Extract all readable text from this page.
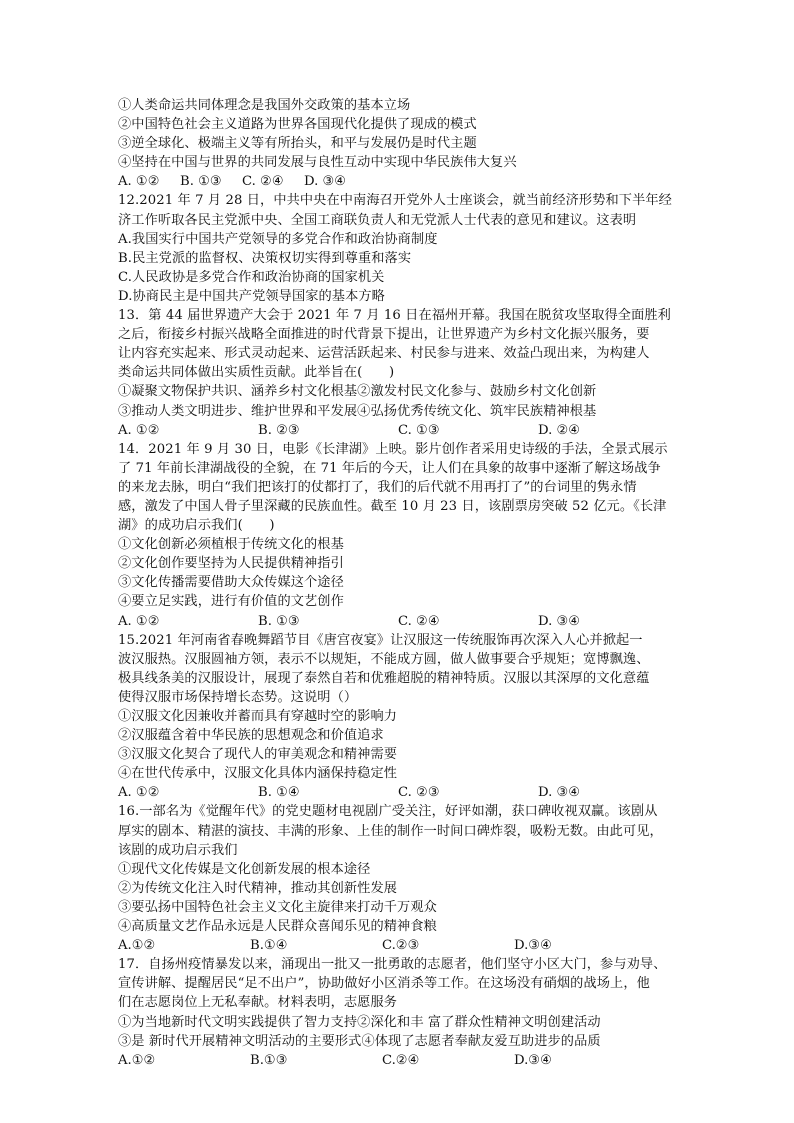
①人类命运共同体理念是我国外交政策的基本立场
②中国特色社会主义道路为世界各国现代化提供了现成的模式
③逆全球化、极端主义等有所抬头，和平与发展仍是时代主题
④坚持在中国与世界的共同发展与良性互动中实现中华民族伟大复兴
A. ①②	B. ①③	C. ②④	D. ③④
12.2021 年 7 月 28 日，中共中央在中南海召开党外人士座谈会，就当前经济形势和下半年经
济工作听取各民主党派中央、全国工商联负责人和无党派人士代表的意见和建议。这表明
A.我国实行中国共产党领导的多党合作和政治协商制度
B.民主党派的监督权、决策权切实得到尊重和落实
C.人民政协是多党合作和政治协商的国家机关
D.协商民主是中国共产党领导国家的基本方略
13．第 44 届世界遗产大会于 2021 年 7 月 16 日在福州开幕。我国在脱贫攻坚取得全面胜利
之后，衔接乡村振兴战略全面推进的时代背景下提出，让世界遗产为乡村文化振兴服务，要
让内容充实起来、形式灵动起来、运营活跃起来、村民参与进来、效益凸现出来，为构建人
类命运共同体做出实质性贡献。此举旨在(　　)
①凝聚文物保护共识、涵养乡村文化根基②激发村民文化参与、鼓励乡村文化创新
③推动人类文明进步、维护世界和平发展④弘扬优秀传统文化、筑牢民族精神根基
A. ①②	B. ②③	C. ①③	D. ②④
14．2021 年 9 月 30 日，电影《长津湖》上映。影片创作者采用史诗级的手法，全景式展示
了 71 年前长津湖战役的全貌，在 71 年后的今天，让人们在具象的故事中逐渐了解这场战争
的来龙去脉，明白“我们把该打的仗都打了，我们的后代就不用再打了”的台词里的隽永情
感，激发了中国人骨子里深藏的民族血性。截至 10 月 23 日，该剧票房突破 52 亿元。《长津
湖》的成功启示我们(　　)
①文化创新必须植根于传统文化的根基
②文化创作要坚持为人民提供精神指引
③文化传播需要借助大众传媒这个途径
④要立足实践，进行有价值的文艺创作
A. ①②	B. ①③	C. ②④	D. ③④
15.2021 年河南省春晚舞蹈节目《唐宫夜宴》让汉服这一传统服饰再次深入人心并掀起一
波汉服热。汉服圆袖方领，表示不以规矩，不能成方圆，做人做事要合乎规矩；宽博飘逸、
极具线条美的汉服设计，展现了泰然自若和优雅超脱的精神特质。汉服以其深厚的文化意蕴
使得汉服市场保持增长态势。这说明（）
①汉服文化因兼收并蓄而具有穿越时空的影响力
②汉服蕴含着中华民族的思想观念和价值追求
③汉服文化契合了现代人的审美观念和精神需要
④在世代传承中，汉服文化具体内涵保持稳定性
A. ①②	B. ①④	C. ②③	D. ③④
16.一部名为《觉醒年代》的党史题材电视剧广受关注，好评如潮，获口碑收视双赢。该剧从
厚实的剧本、精湛的演技、丰满的形象、上佳的制作一时间口碑炸裂，吸粉无数。由此可见，
该剧的成功启示我们
①现代文化传媒是文化创新发展的根本途径
②为传统文化注入时代精神，推动其创新性发展
③要弘扬中国特色社会主义文化主旋律来打动千万观众
④高质量文艺作品永远是人民群众喜闻乐见的精神食粮
A.①②	B.①④	C.②③	D.③④
17．自扬州疫情暴发以来，涌现出一批又一批勇敢的志愿者，他们坚守小区大门，参与劝导、
宣传讲解、提醒居民“足不出户”，协助做好小区消杀等工作。在这场没有硝烟的战场上，他
们在志愿岗位上无私奉献。材料表明，志愿服务
①为当地新时代文明实践提供了智力支持②深化和丰 富了群众性精神文明创建活动
③是 新时代开展精神文明活动的主要形式④体现了志愿者奉献友爱互助进步的品质
A.①②	B.①③	C.②④	D.③④
